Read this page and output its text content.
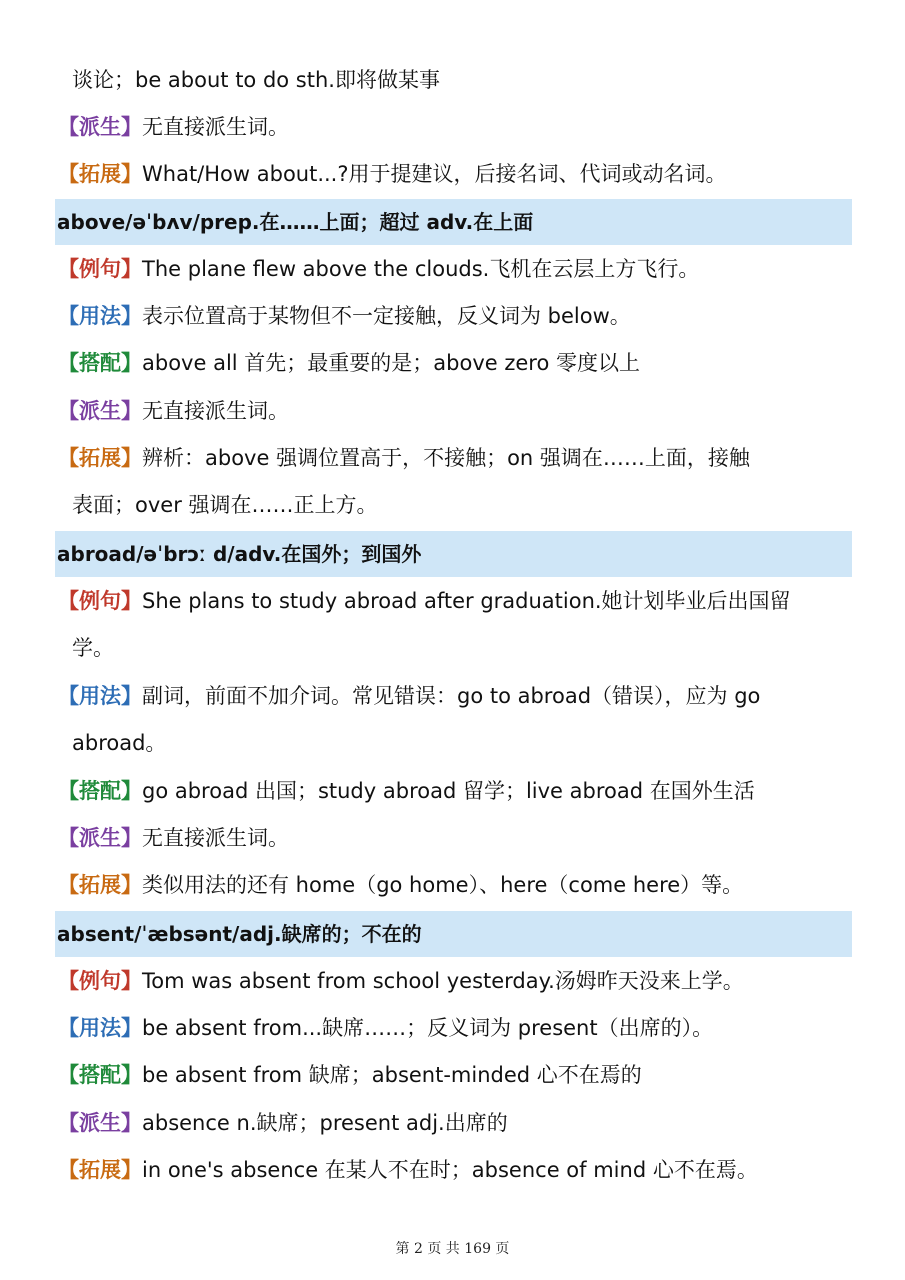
谈论；be about to do sth.即将做某事
【派生】无直接派生词。
【拓展】What/How about...?用于提建议，后接名词、代词或动名词。
above/əˈbʌv/prep.在……上面；超过 adv.在上面
【例句】The plane flew above the clouds.飞机在云层上方飞行。
【用法】表示位置高于某物但不一定接触，反义词为 below。
【搭配】above all 首先；最重要的是；above zero 零度以上
【派生】无直接派生词。
【拓展】辨析：above 强调位置高于，不接触；on 强调在……上面，接触
表面；over 强调在……正上方。
abroad/əˈbrɔː d/adv.在国外；到国外
【例句】She plans to study abroad after graduation.她计划毕业后出国留
学。
【用法】副词，前面不加介词。常见错误：go to abroad（错误），应为 go
abroad。
【搭配】go abroad 出国；study abroad 留学；live abroad 在国外生活
【派生】无直接派生词。
【拓展】类似用法的还有 home（go home）、here（come here）等。
absent/ˈæbsənt/adj.缺席的；不在的
【例句】Tom was absent from school yesterday.汤姆昨天没来上学。
【用法】be absent from...缺席……；反义词为 present（出席的）。
【搭配】be absent from 缺席；absent-minded 心不在焉的
【派生】absence n.缺席；present adj.出席的
【拓展】in one's absence 在某人不在时；absence of mind 心不在焉。
第 2 页 共 169 页
